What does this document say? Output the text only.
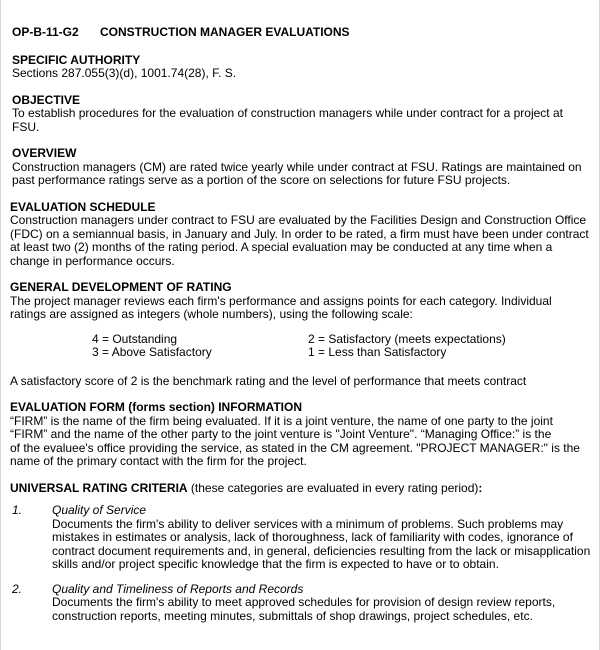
OP-B-11-G2 CONSTRUCTION MANAGER EVALUATIONS
SPECIFIC AUTHORITY
Sections 287.055(3)(d), 1001.74(28), F. S.
OBJECTIVE
To establish procedures for the evaluation of construction managers while under contract for a project at FSU.
OVERVIEW
Construction managers (CM) are rated twice yearly while under contract at FSU. Ratings are maintained on
past performance ratings serve as a portion of the score on selections for future FSU projects.
EVALUATION SCHEDULE
Construction managers under contract to FSU are evaluated by the Facilities Design and Construction Office
(FDC) on a semiannual basis, in January and July. In order to be rated, a firm must have been under contract
at least two (2) months of the rating period. A special evaluation may be conducted at any time when a
change in performance occurs.
GENERAL DEVELOPMENT OF RATING
The project manager reviews each firm's performance and assigns points for each category. Individual
ratings are assigned as integers (whole numbers), using the following scale:
4 = Outstanding
3 = Above Satisfactory
2 = Satisfactory (meets expectations)
1 = Less than Satisfactory
A satisfactory score of 2 is the benchmark rating and the level of performance that meets contract
EVALUATION FORM (forms section) INFORMATION
“FIRM” is the name of the firm being evaluated. If it is a joint venture, the name of one party to the joint
“FIRM” and the name of the other party to the joint venture is "Joint Venture". “Managing Office:” is the
of the evaluee's office providing the service, as stated in the CM agreement. "PROJECT MANAGER:" is the
name of the primary contact with the firm for the project.
UNIVERSAL RATING CRITERIA (these categories are evaluated in every rating period):
1. Quality of Service
Documents the firm's ability to deliver services with a minimum of problems. Such problems may
mistakes in estimates or analysis, lack of thoroughness, lack of familiarity with codes, ignorance of
contract document requirements and, in general, deficiencies resulting from the lack or misapplication
skills and/or project specific knowledge that the firm is expected to have or to obtain.
2. Quality and Timeliness of Reports and Records
Documents the firm's ability to meet approved schedules for provision of design review reports,
construction reports, meeting minutes, submittals of shop drawings, project schedules, etc.
